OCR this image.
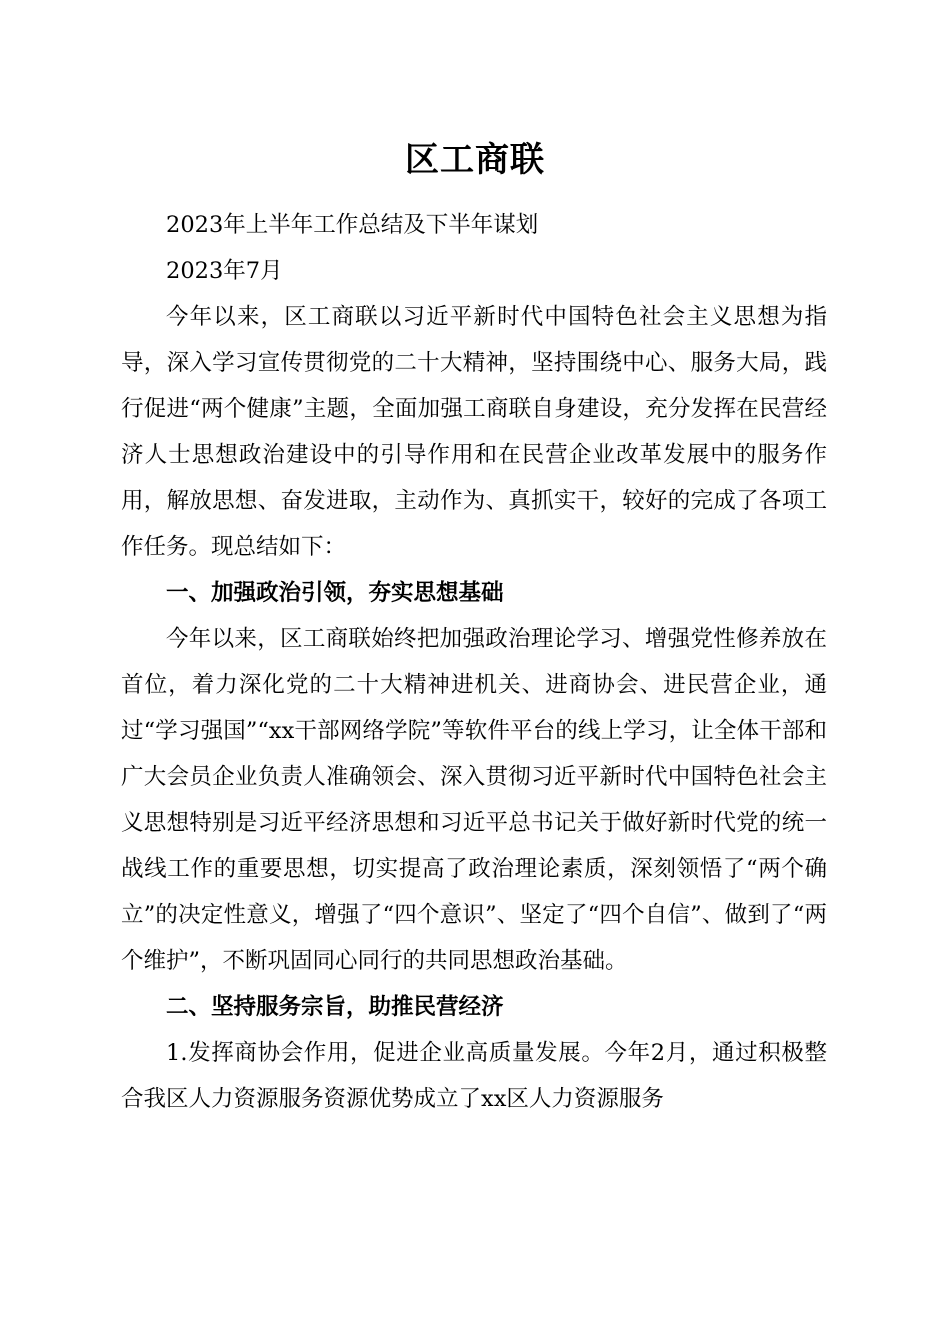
区工商联

2023年上半年工作总结及下半年谋划

2023年7月

今年以来，区工商联以习近平新时代中国特色社会主义思想为指导，深入学习宣传贯彻党的二十大精神，坚持围绕中心、服务大局，践行促进“两个健康”主题，全面加强工商联自身建设，充分发挥在民营经济人士思想政治建设中的引导作用和在民营企业改革发展中的服务作用，解放思想、奋发进取，主动作为、真抓实干，较好的完成了各项工作任务。现总结如下：

一、加强政治引领，夯实思想基础

今年以来，区工商联始终把加强政治理论学习、增强党性修养放在首位，着力深化党的二十大精神进机关、进商协会、进民营企业，通过“学习强国”“xx干部网络学院”等软件平台的线上学习，让全体干部和广大会员企业负责人准确领会、深入贯彻习近平新时代中国特色社会主义思想特别是习近平经济思想和习近平总书记关于做好新时代党的统一战线工作的重要思想，切实提高了政治理论素质，深刻领悟了“两个确立”的决定性意义，增强了“四个意识”、坚定了“四个自信”、做到了“两个维护”，不断巩固同心同行的共同思想政治基础。

二、坚持服务宗旨，助推民营经济

1.发挥商协会作用，促进企业高质量发展。今年2月，通过积极整合我区人力资源服务资源优势成立了xx区人力资源服务
